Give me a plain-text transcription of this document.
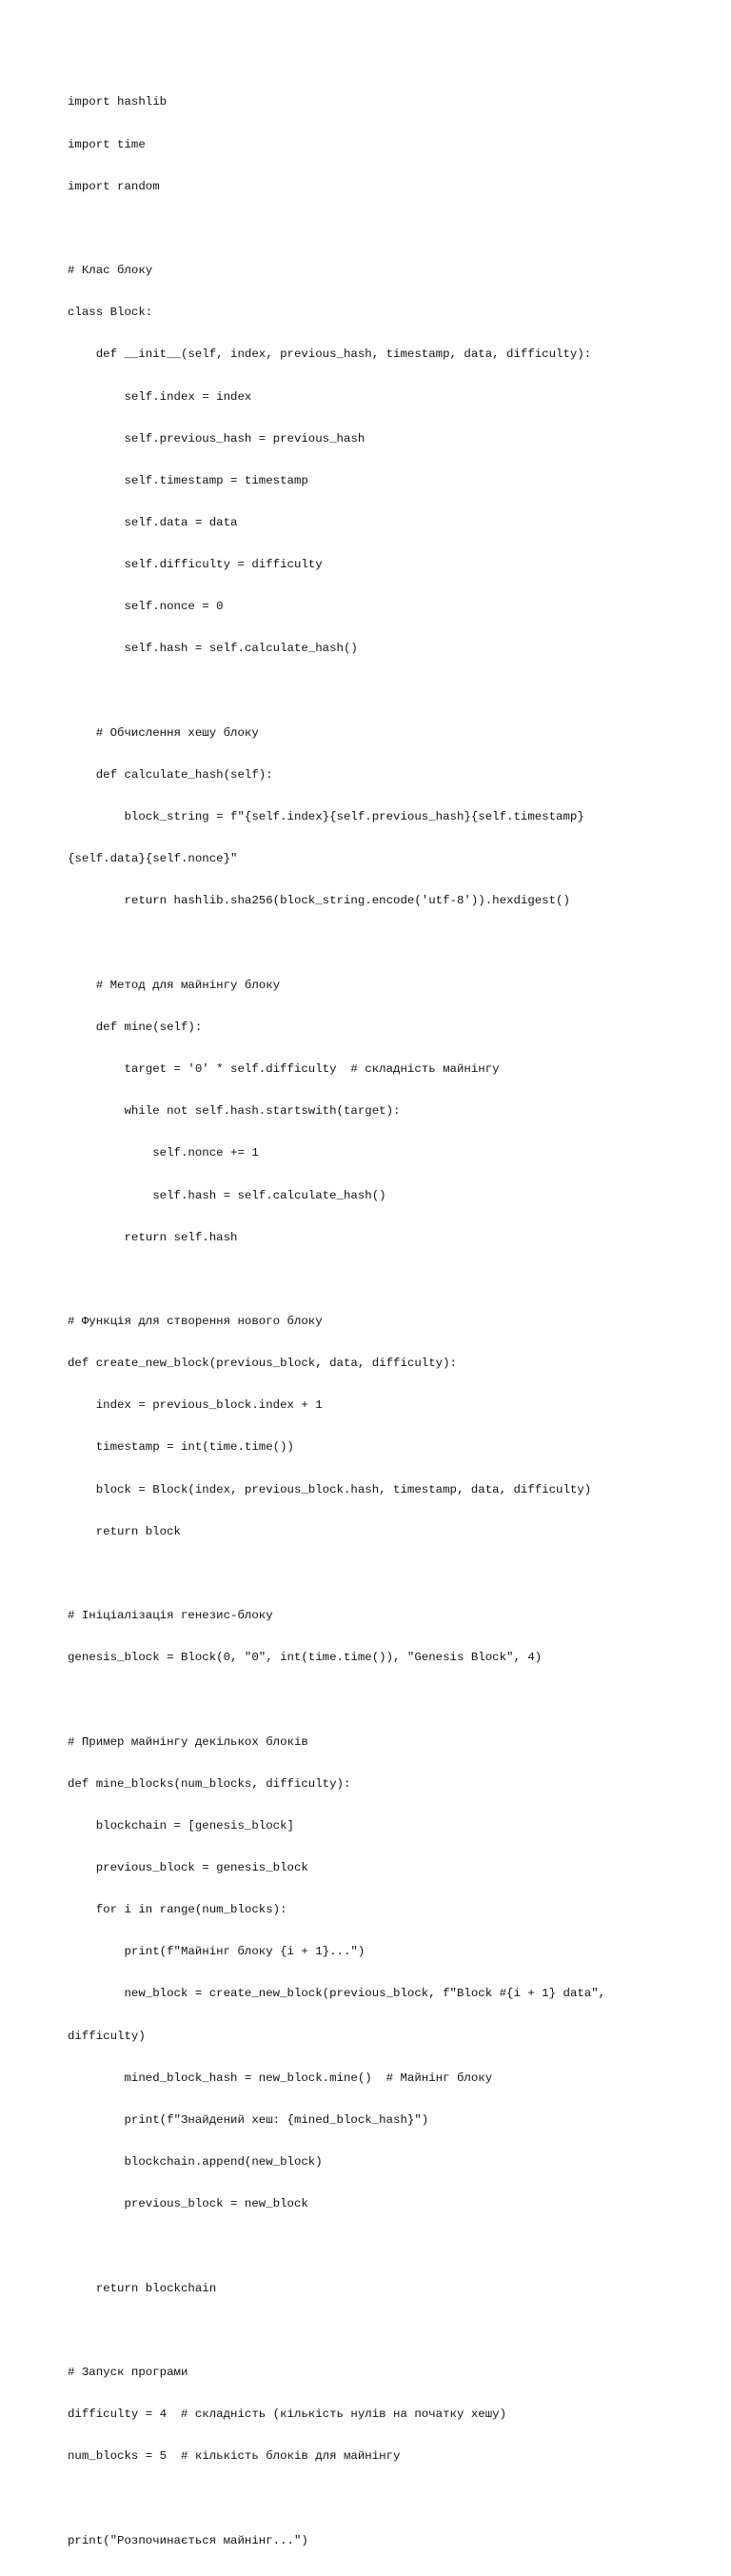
import hashlib

import time

import random

# Клас блоку

class Block:

def __init__(self, index, previous_hash, timestamp, data, difficulty):

self.index = index

self.previous_hash = previous_hash

self.timestamp = timestamp

self.data = data

self.difficulty = difficulty

self.nonce = 0

self.hash = self.calculate_hash()

# Обчислення хешу блоку

def calculate_hash(self):

block_string = f"{self.index}{self.previous_hash}{self.timestamp}

{self.data}{self.nonce}"

return hashlib.sha256(block_string.encode('utf-8')).hexdigest()

# Метод для майнінгу блоку

def mine(self):

target = '0' * self.difficulty  # складність майнінгу

while not self.hash.startswith(target):

self.nonce += 1

self.hash = self.calculate_hash()

return self.hash

# Функція для створення нового блоку

def create_new_block(previous_block, data, difficulty):

index = previous_block.index + 1

timestamp = int(time.time())

block = Block(index, previous_block.hash, timestamp, data, difficulty)

return block

# Ініціалізація генезис-блоку

genesis_block = Block(0, "0", int(time.time()), "Genesis Block", 4)

# Пример майнінгу декількох блоків

def mine_blocks(num_blocks, difficulty):

blockchain = [genesis_block]

previous_block = genesis_block

for i in range(num_blocks):

print(f"Майнінг блоку {i + 1}...")

new_block = create_new_block(previous_block, f"Block #{i + 1} data",

difficulty)

mined_block_hash = new_block.mine()  # Майнінг блоку

print(f"Знайдений хеш: {mined_block_hash}")

blockchain.append(new_block)

previous_block = new_block

return blockchain

# Запуск програми

difficulty = 4  # складність (кількість нулів на початку хешу)

num_blocks = 5  # кількість блоків для майнінгу

print("Розпочинається майнінг...")
